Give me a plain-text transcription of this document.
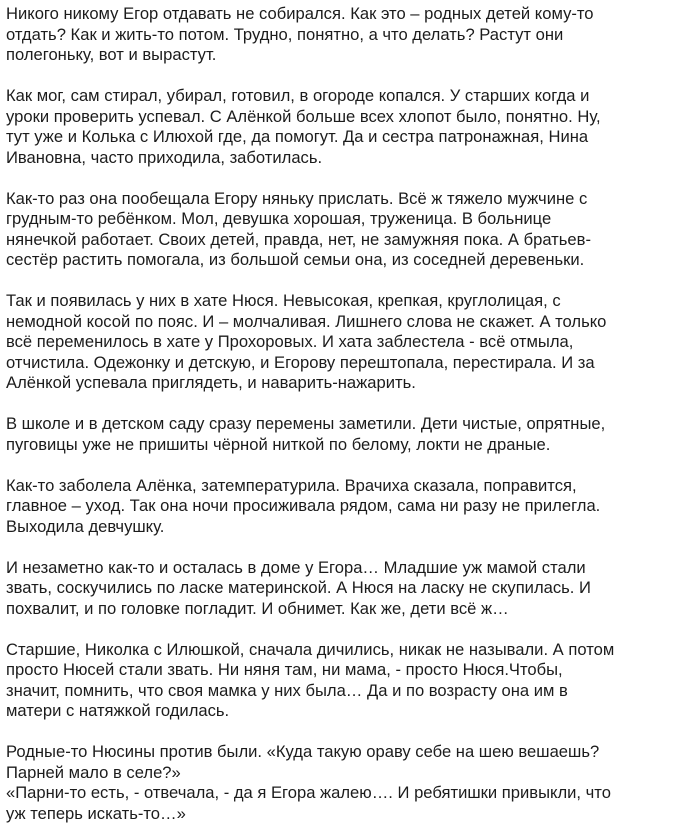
Никого никому Егор отдавать не собирался. Как это – родных детей кому-то
отдать? Как и жить-то потом. Трудно, понятно, а что делать? Растут они
полегоньку, вот и вырастут.

Как мог, сам стирал, убирал, готовил, в огороде копался. У старших когда и
уроки проверить успевал. С Алёнкой больше всех хлопот было, понятно. Ну,
тут уже и Колька с Илюхой где, да помогут. Да и сестра патронажная, Нина
Ивановна, часто приходила, заботилась.

Как-то раз она пообещала Егору няньку прислать. Всё ж тяжело мужчине с
грудным-то ребёнком. Мол, девушка хорошая, труженица. В больнице
нянечкой работает. Своих детей, правда, нет, не замужняя пока. А братьев-
сестёр растить помогала, из большой семьи она, из соседней деревеньки.

Так и появилась у них в хате Нюся. Невысокая, крепкая, круглолицая, с
немодной косой по пояс. И – молчаливая. Лишнего слова не скажет. А только
всё переменилось в хате у Прохоровых. И хата заблестела - всё отмыла,
отчистила. Одежонку и детскую, и Егорову перештопала, перестирала. И за
Алёнкой успевала приглядеть, и наварить-нажарить.

В школе и в детском саду сразу перемены заметили. Дети чистые, опрятные,
пуговицы уже не пришиты чёрной ниткой по белому, локти не драные.

Как-то заболела Алёнка, затемпературила. Врачиха сказала, поправится,
главное – уход. Так она ночи просиживала рядом, сама ни разу не прилегла.
Выходила девчушку.

И незаметно как-то и осталась в доме у Егора… Младшие уж мамой стали
звать, соскучились по ласке материнской. А Нюся на ласку не скупилась. И
похвалит, и по головке погладит. И обнимет. Как же, дети всё ж…

Старшие, Николка с Илюшкой, сначала дичились, никак не называли. А потом
просто Нюсей стали звать. Ни няня там, ни мама, - просто Нюся.Чтобы,
значит, помнить, что своя мамка у них была… Да и по возрасту она им в
матери с натяжкой годилась.

Родные-то Нюсины против были. «Куда такую ораву себе на шею вешаешь?
Парней мало в селе?»

«Парни-то есть, - отвечала, - да я Егора жалею…. И ребятишки привыкли, что
уж теперь искать-то…»
